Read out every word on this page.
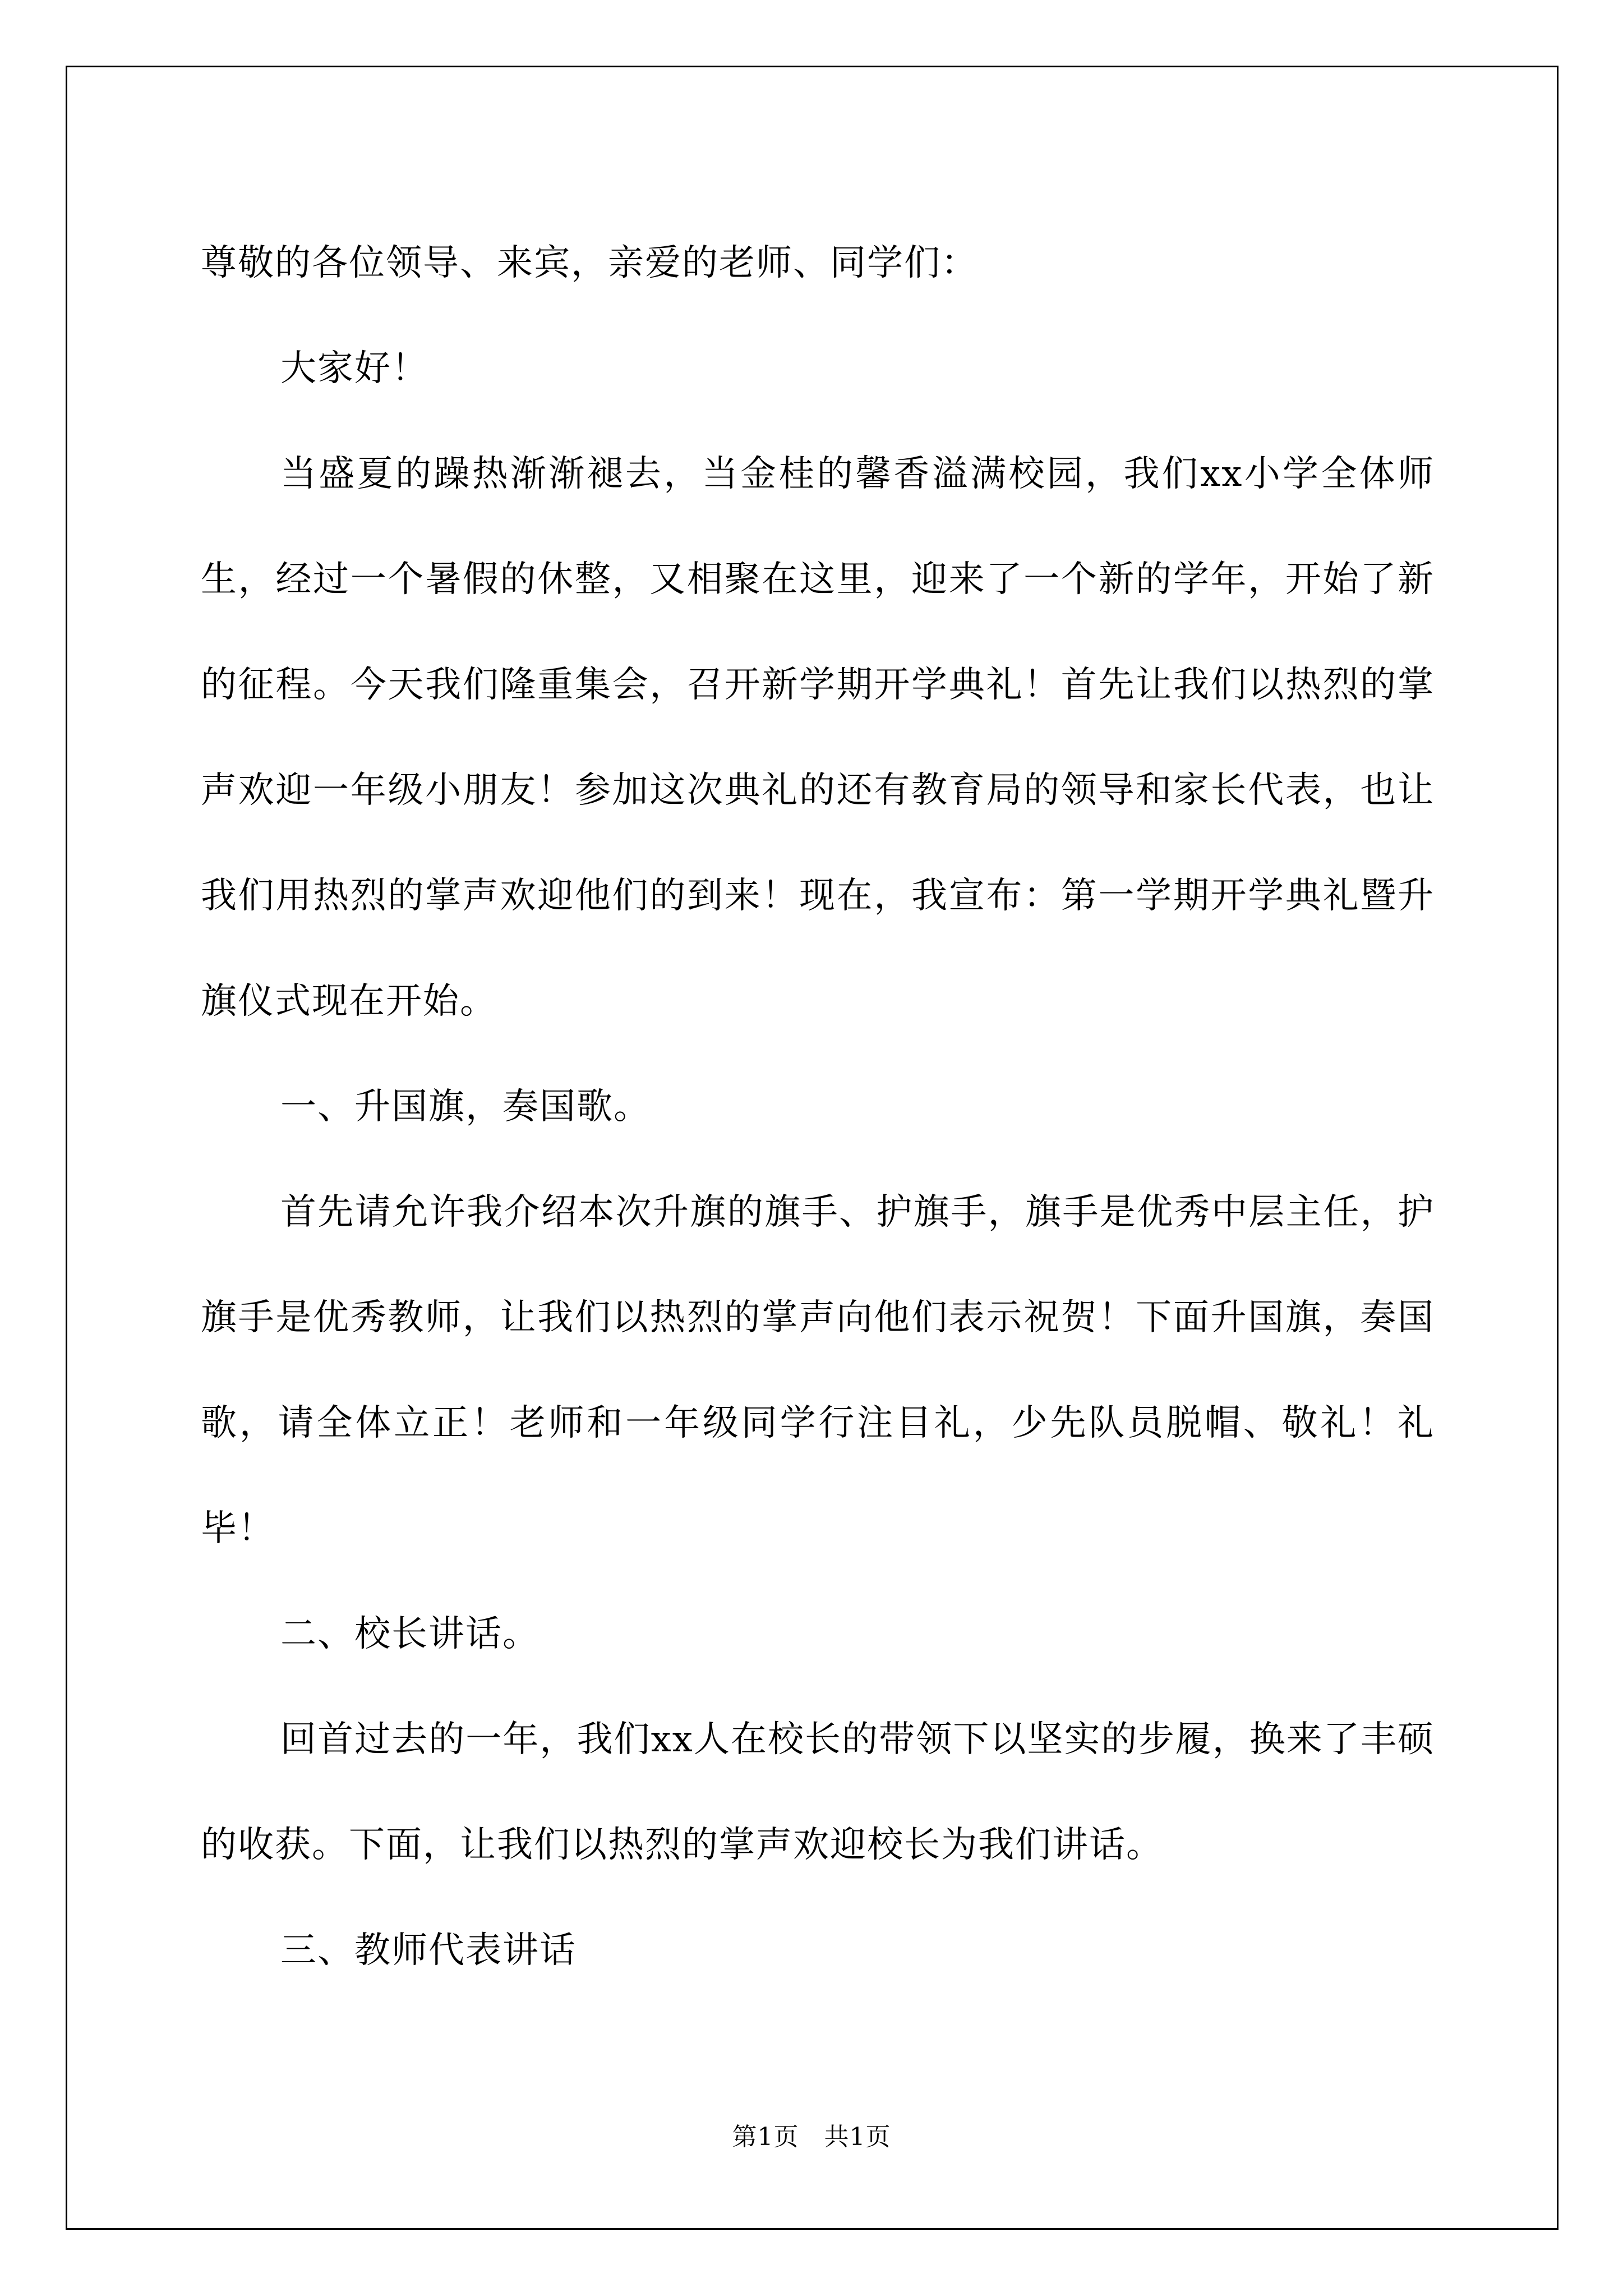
尊敬的各位领导、来宾，亲爱的老师、同学们：

大家好！

当盛夏的躁热渐渐褪去，当金桂的馨香溢满校园，我们xx小学全体师生，经过一个暑假的休整，又相聚在这里，迎来了一个新的学年，开始了新的征程。今天我们隆重集会，召开新学期开学典礼！首先让我们以热烈的掌声欢迎一年级小朋友！参加这次典礼的还有教育局的领导和家长代表，也让我们用热烈的掌声欢迎他们的到来！现在，我宣布：第一学期开学典礼暨升旗仪式现在开始。

一、升国旗，奏国歌。

首先请允许我介绍本次升旗的旗手、护旗手，旗手是优秀中层主任，护旗手是优秀教师，让我们以热烈的掌声向他们表示祝贺！下面升国旗，奏国歌，请全体立正！老师和一年级同学行注目礼，少先队员脱帽、敬礼！礼毕！

二、校长讲话。

回首过去的一年，我们xx人在校长的带领下以坚实的步履，换来了丰硕的收获。下面，让我们以热烈的掌声欢迎校长为我们讲话。

三、教师代表讲话

第1页　共1页
